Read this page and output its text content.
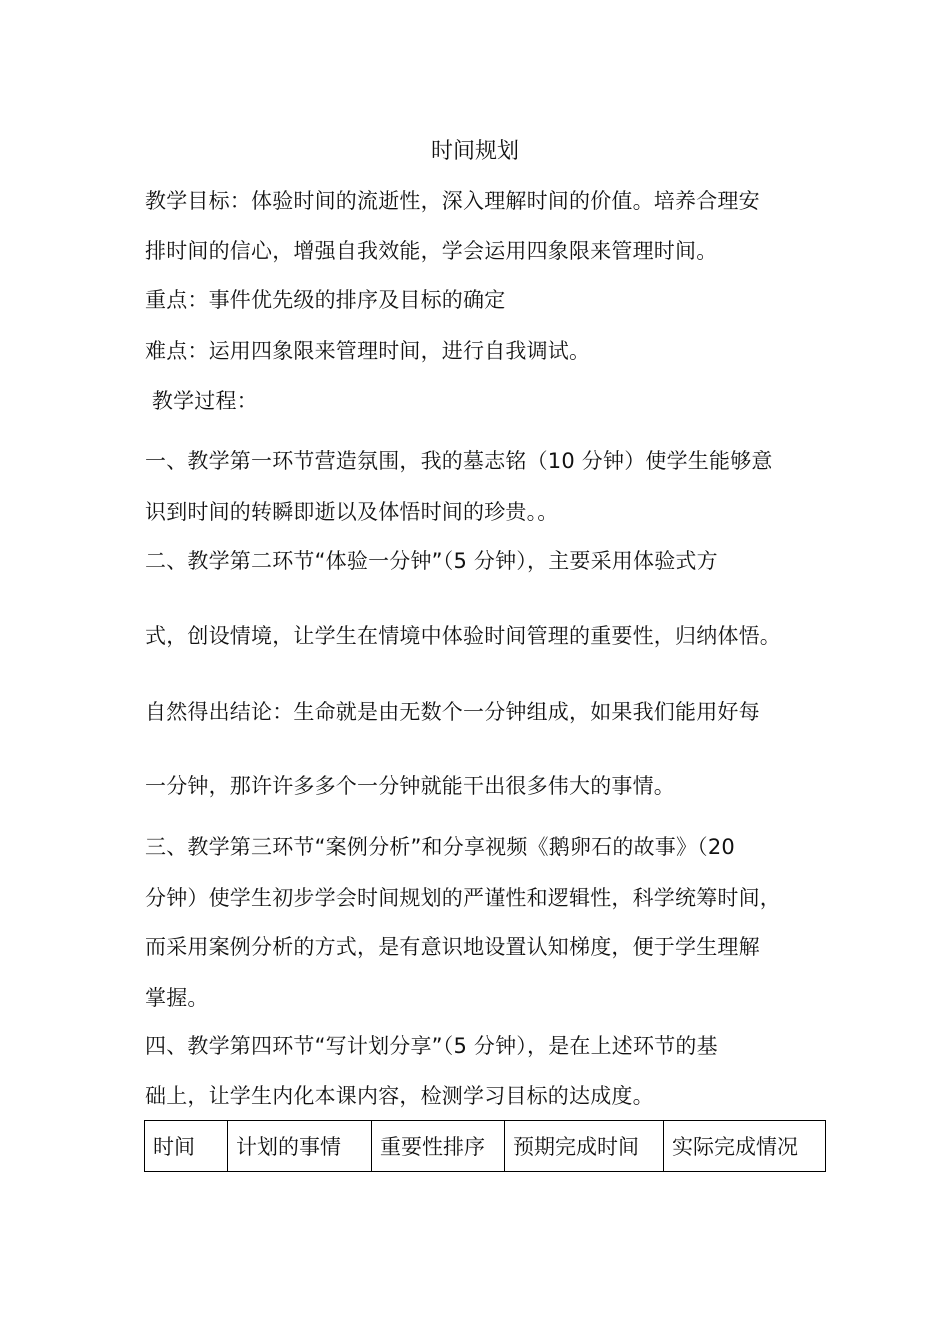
时间规划
教学目标：体验时间的流逝性，深入理解时间的价值。培养合理安
排时间的信心，增强自我效能，学会运用四象限来管理时间。
重点：事件优先级的排序及目标的确定
难点：运用四象限来管理时间，进行自我调试。
教学过程：
一、教学第一环节营造氛围，我的墓志铭（10 分钟）使学生能够意
识到时间的转瞬即逝以及体悟时间的珍贵。。
二、教学第二环节“体验一分钟”（5 分钟），主要采用体验式方
式，创设情境，让学生在情境中体验时间管理的重要性，归纳体悟。
自然得出结论：生命就是由无数个一分钟组成，如果我们能用好每
一分钟，那许许多多个一分钟就能干出很多伟大的事情。
三、教学第三环节“案例分析”和分享视频《鹅卵石的故事》（20
分钟）使学生初步学会时间规划的严谨性和逻辑性，科学统筹时间，
而采用案例分析的方式，是有意识地设置认知梯度，便于学生理解
掌握。
四、教学第四环节“写计划分享”（5 分钟），是在上述环节的基
础上，让学生内化本课内容，检测学习目标的达成度。
时间	计划的事情	重要性排序	预期完成时间	实际完成情况
